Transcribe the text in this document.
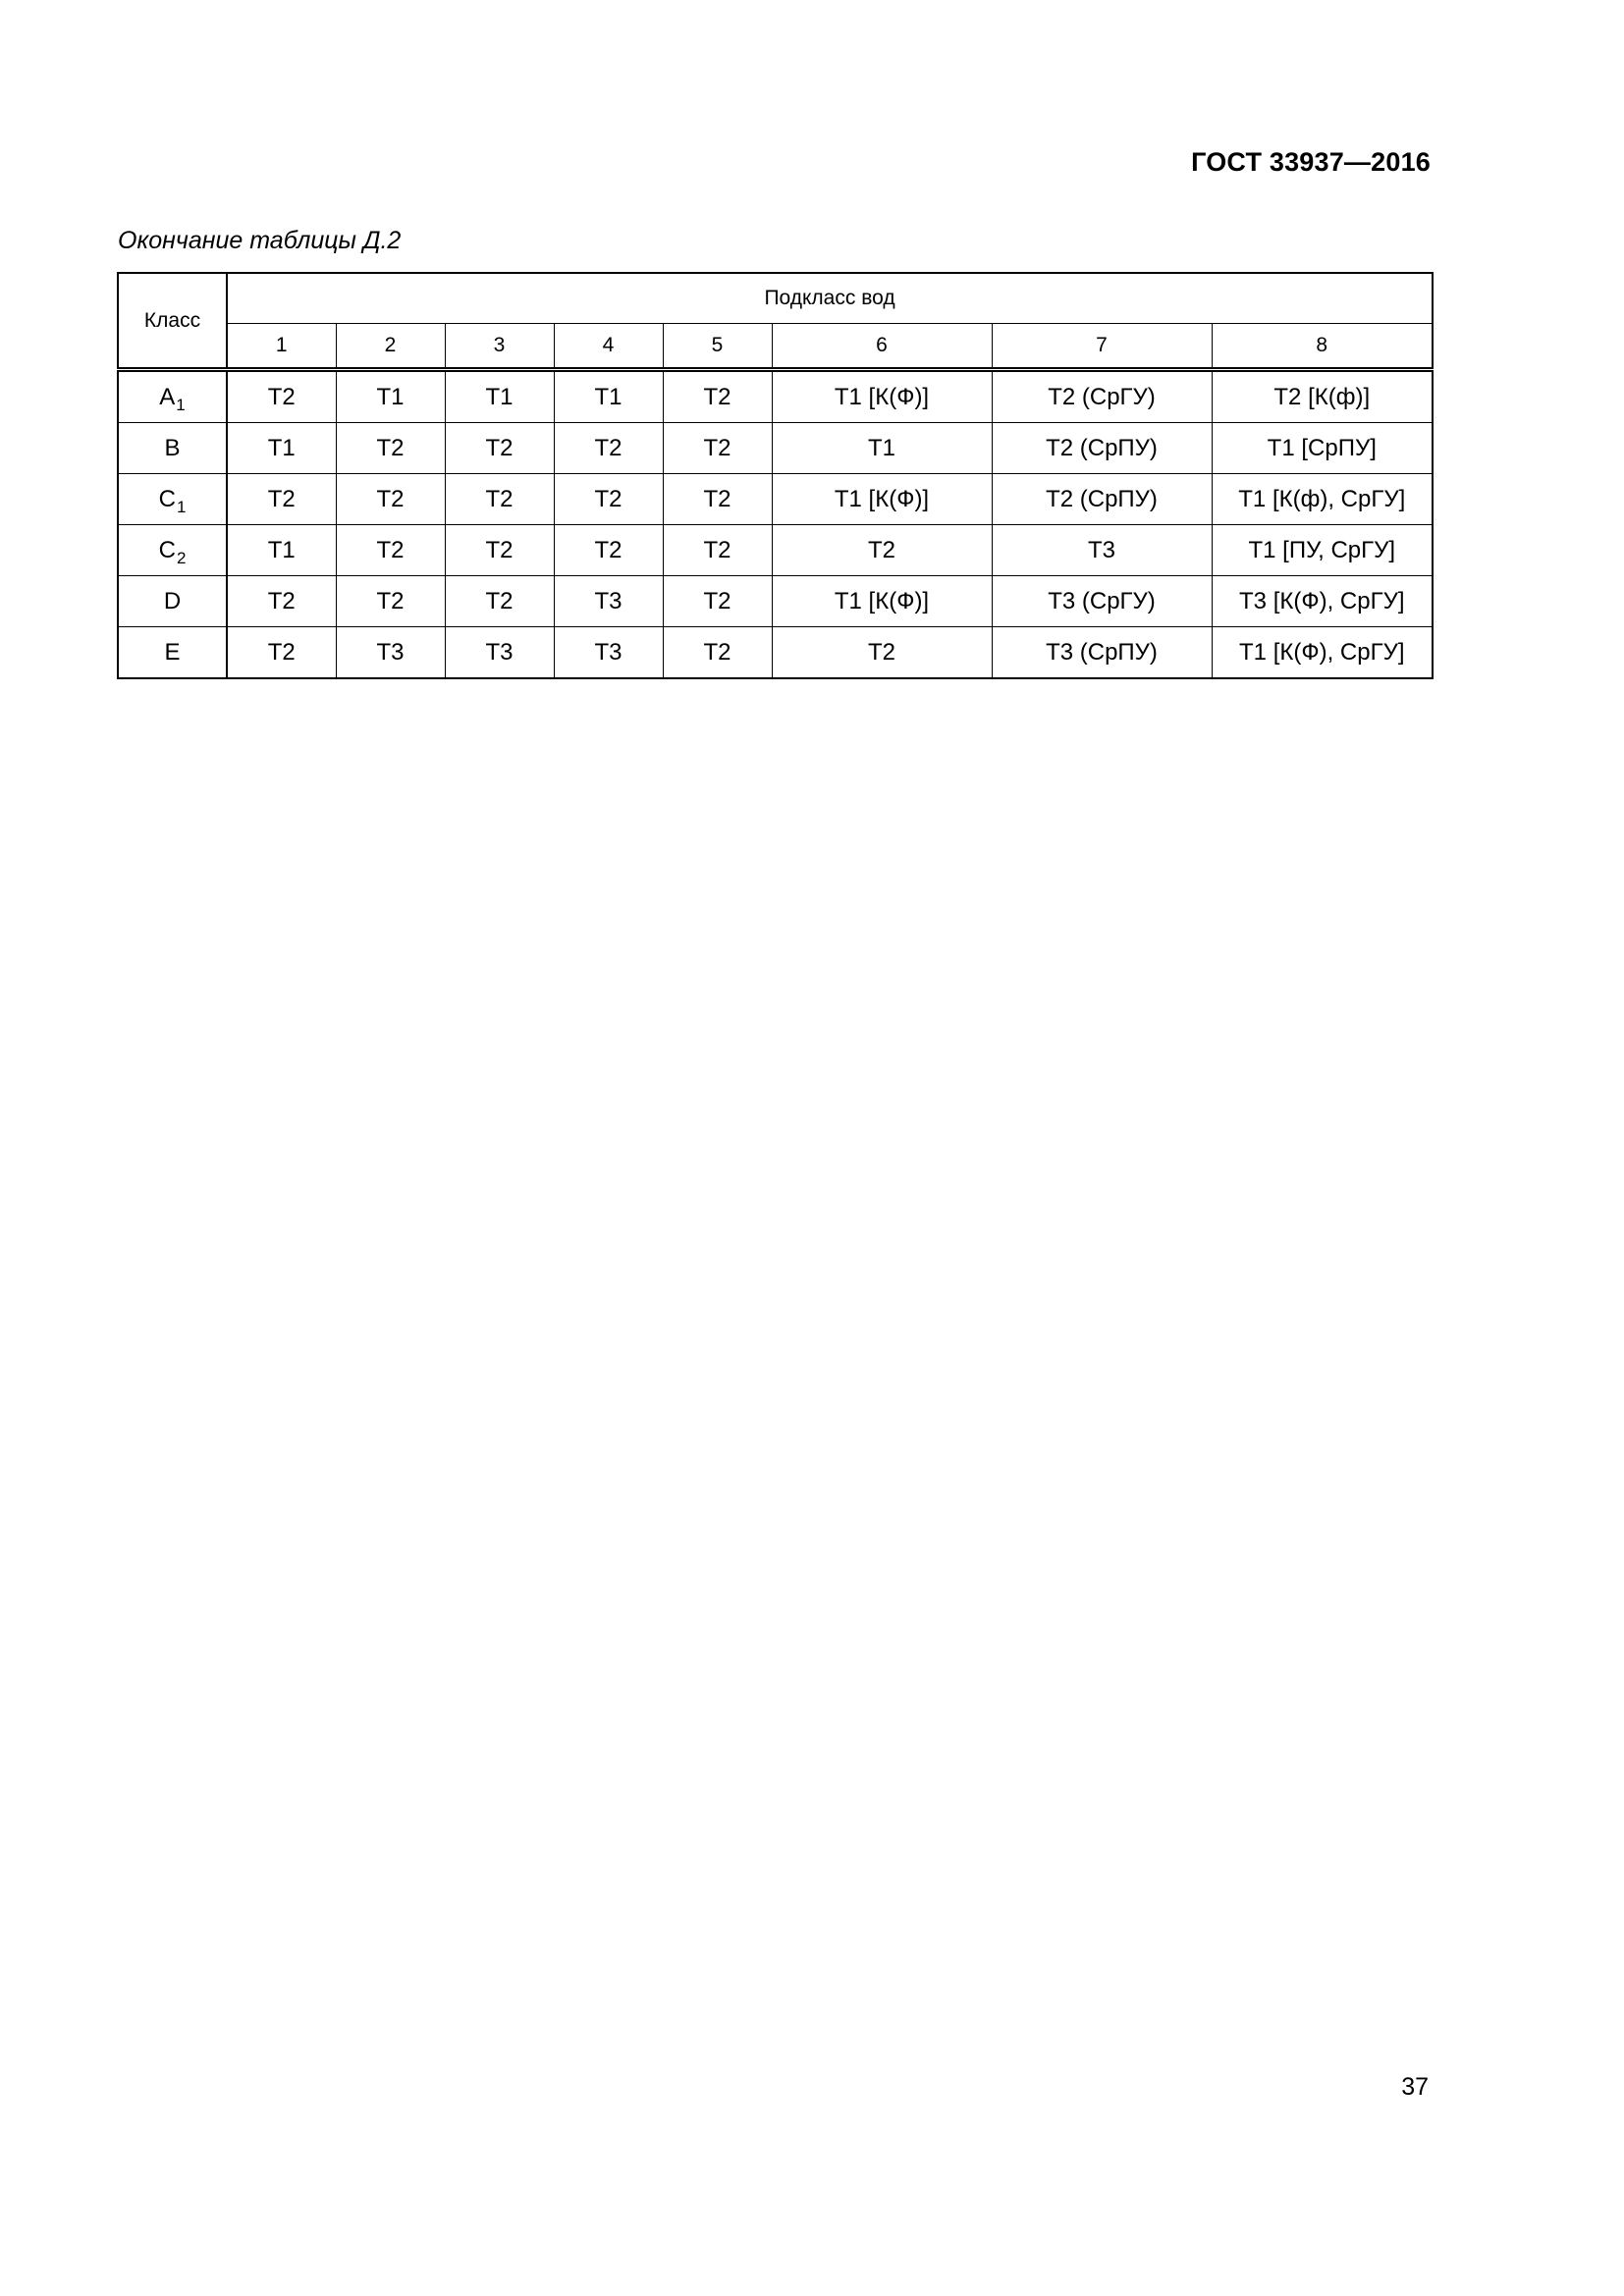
ГОСТ 33937—2016
Окончание таблицы Д.2
Класс	Подкласс вод							
	1	2	3	4	5	6	7	8
$A_1$	Т2	Т1	Т1	Т1	Т2	Т1 [К(Ф)]	Т2 (СрГУ)	Т2 [К(ф)]
B	Т1	Т2	Т2	Т2	Т2	Т1	Т2 (СрПУ)	Т1 [СрПУ]
$C_1$	Т2	Т2	Т2	Т2	Т2	Т1 [К(Ф)]	Т2 (СрПУ)	Т1 [К(ф), СрГУ]
$C_2$	Т1	Т2	Т2	Т2	Т2	Т2	Т3	Т1 [ПУ, СрГУ]
D	Т2	Т2	Т2	Т3	Т2	Т1 [К(Ф)]	Т3 (СрГУ)	Т3 [К(Ф), СрГУ]
E	Т2	Т3	Т3	Т3	Т2	Т2	Т3 (СрПУ)	Т1 [К(Ф), СрГУ]
37
